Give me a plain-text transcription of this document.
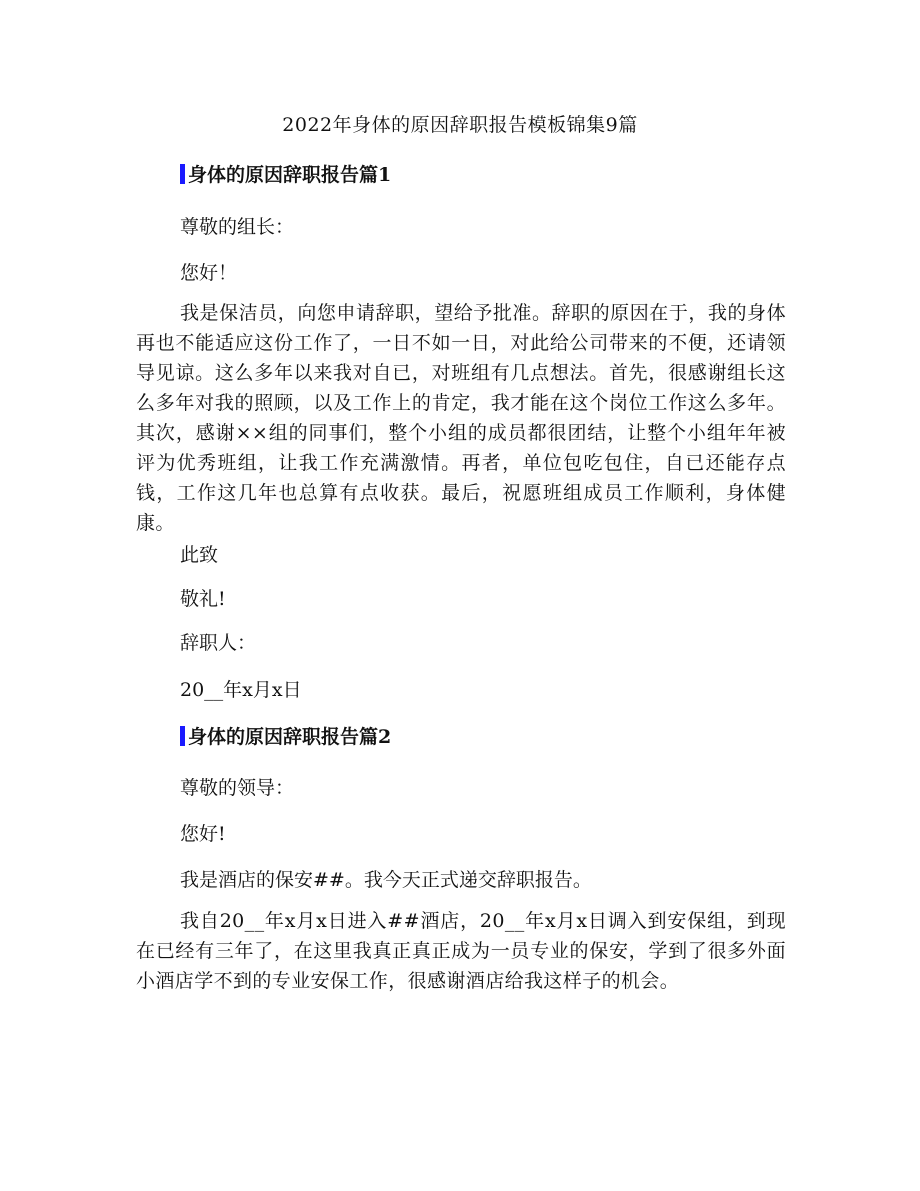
2022年身体的原因辞职报告模板锦集9篇
身体的原因辞职报告篇1
尊敬的组长：
您好！
我是保洁员，向您申请辞职，望给予批准。辞职的原因在于，我的身体再也不能适应这份工作了，一日不如一日，对此给公司带来的不便，还请领导见谅。这么多年以来我对自已，对班组有几点想法。首先，很感谢组长这么多年对我的照顾，以及工作上的肯定，我才能在这个岗位工作这么多年。其次，感谢××组的同事们，整个小组的成员都很团结，让整个小组年年被评为优秀班组，让我工作充满激情。再者，单位包吃包住，自已还能存点钱，工作这几年也总算有点收获。最后，祝愿班组成员工作顺利，身体健康。
此致
敬礼!
辞职人：
20__年x月x日
身体的原因辞职报告篇2
尊敬的领导：
您好!
我是酒店的保安##。我今天正式递交辞职报告。
我自20__年x月x日进入##酒店，20__年x月x日调入到安保组，到现在已经有三年了，在这里我真正真正成为一员专业的保安，学到了很多外面小酒店学不到的专业安保工作，很感谢酒店给我这样子的机会。
